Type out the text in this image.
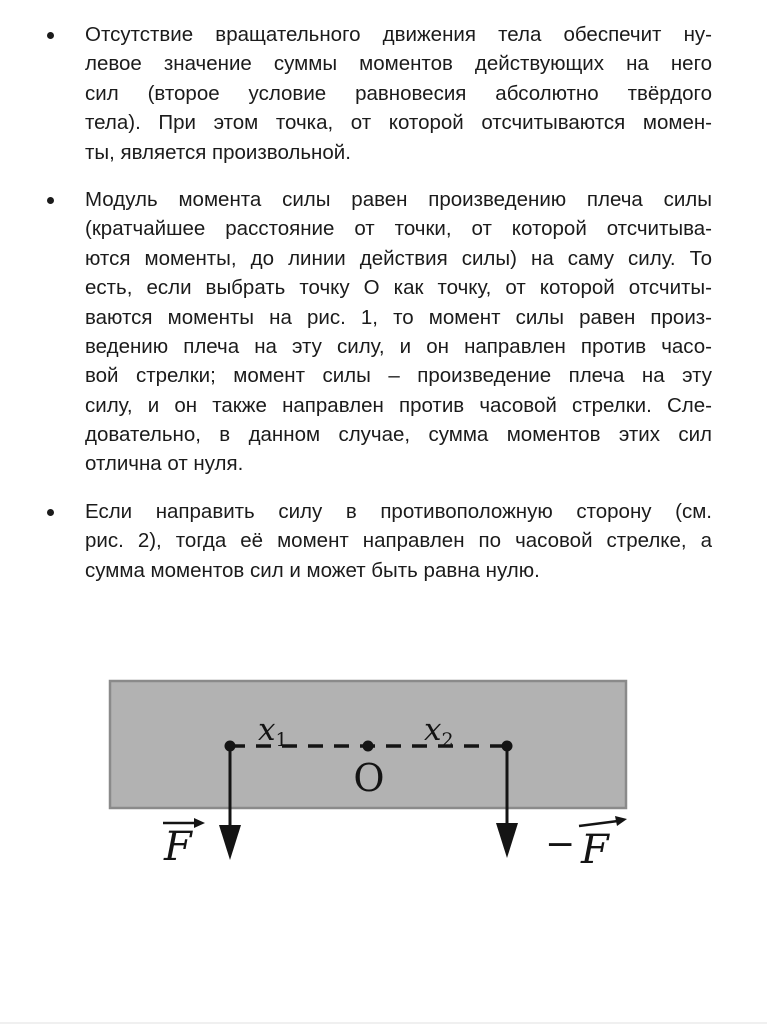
Отсутствие вращательного движения тела обеспечит ну-
левое значение суммы моментов действующих на него
сил (второе условие равновесия абсолютно твёрдого
тела). При этом точка, от которой отсчитываются момен-
ты, является произвольной.
Модуль момента силы равен произведению плеча силы
(кратчайшее расстояние от точки, от которой отсчитыва-
ются моменты, до линии действия силы) на саму силу. То
есть, если выбрать точку О как точку, от которой отсчиты-
ваются моменты на рис. 1, то момент силы равен произ-
ведению плеча на эту силу, и он направлен против часо-
вой стрелки; момент силы – произведение плеча на эту
силу, и он также направлен против часовой стрелки. Сле-
довательно, в данном случае, сумма моментов этих сил
отлична от нуля.
Если направить силу в противоположную сторону (см.
рис. 2), тогда её момент направлен по часовой стрелке, а
сумма моментов сил и может быть равна нулю.
x1	x2
O
F	− F
